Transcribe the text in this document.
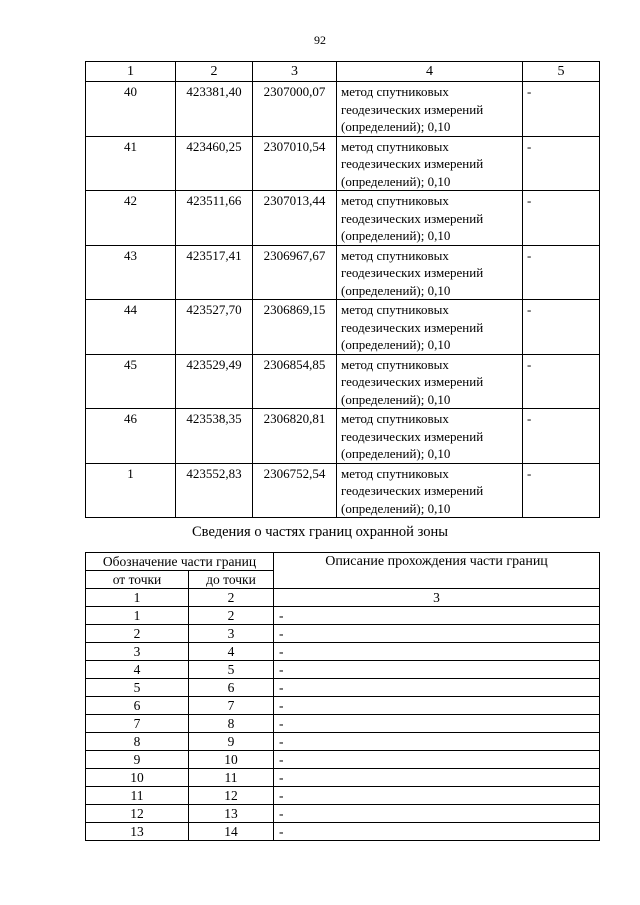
92
1	2	3	4	5
40	423381,40	2307000,07	метод спутниковых
геодезических измерений
(определений); 0,10	-
41	423460,25	2307010,54	метод спутниковых
геодезических измерений
(определений); 0,10	-
42	423511,66	2307013,44	метод спутниковых
геодезических измерений
(определений); 0,10	-
43	423517,41	2306967,67	метод спутниковых
геодезических измерений
(определений); 0,10	-
44	423527,70	2306869,15	метод спутниковых
геодезических измерений
(определений); 0,10	-
45	423529,49	2306854,85	метод спутниковых
геодезических измерений
(определений); 0,10	-
46	423538,35	2306820,81	метод спутниковых
геодезических измерений
(определений); 0,10	-
1	423552,83	2306752,54	метод спутниковых
геодезических измерений
(определений); 0,10	-
Сведения о частях границ охранной зоны
Обозначение части границ		Описание прохождения части границ
от точки	до точки	
1	2	3
1	2	-
2	3	-
3	4	-
4	5	-
5	6	-
6	7	-
7	8	-
8	9	-
9	10	-
10	11	-
11	12	-
12	13	-
13	14	-
